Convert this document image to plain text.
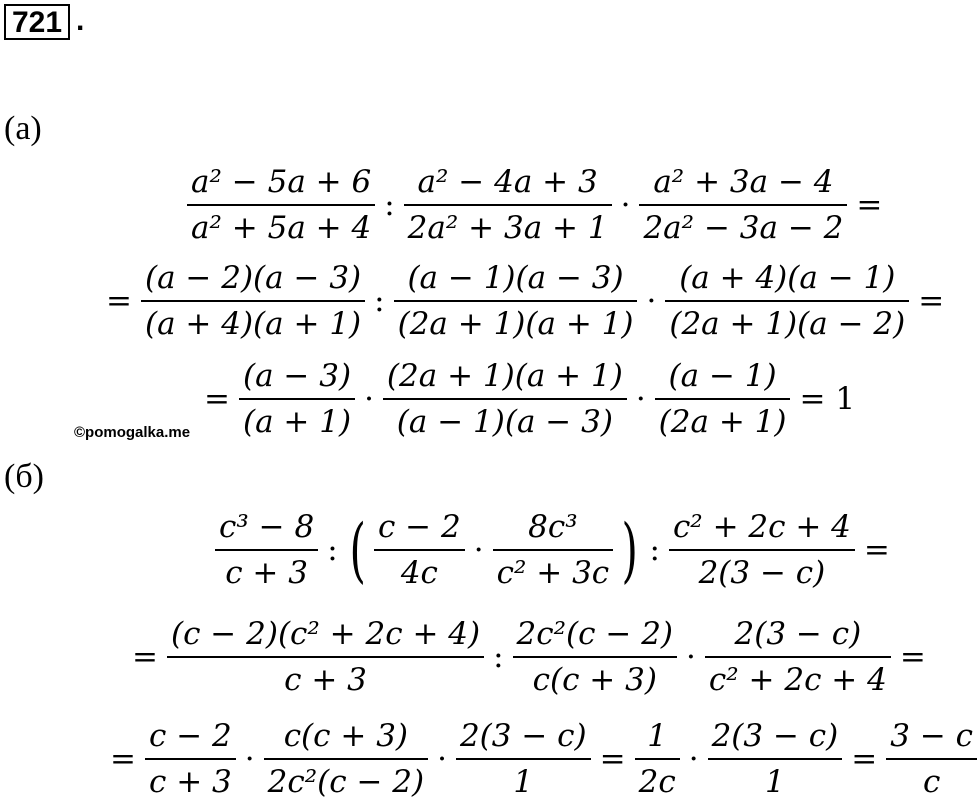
721 .
(а)
$\frac{\text{a² − 5a + 6}}{\text{a² + 5a + 4}}$ : $\frac{\text{a² − 4a + 3}}{\text{2a² + 3a + 1}} \cdot \frac{\text{a² + 3a − 4}}{\text{2a² − 3a − 2}}$ =
= $\frac{(a - 2)(a - 3)}{(a + 4)(a + 1)}$ : $\frac{(a - 1)(a - 3)}{(2a + 1)(a + 1)} \cdot \frac{(a + 4)(a - 1)}{(2a + 1)(a - 2)}$ =
= $\frac{(a - 3)}{(a + 1)} \cdot \frac{(2a + 1)(a + 1)}{(a - 1)(a - 3)} \cdot \frac{(a - 1)}{(2a + 1)} = 1$
©pomogalka.me
(б)
$\frac{\text{c³ − 8}}{c + 3}$ : ( $\frac{c - 2}{4c} \cdot \frac{\text{8c³}}{\text{c² + 3c}}$ ) : $\frac{\text{c² + 2c + 4}}{2(3 - c)}$ =
= $\frac{\text{(c − 2)(c² + 2c + 4)}}{c + 3}$ : $\frac{\text{2c²(c − 2)}}{c(c + 3)} \cdot \frac{2(3 - c)}{\text{c² + 2c + 4}}$ =
= $\frac{c - 2}{c + 3} \cdot \frac{c(c + 3)}{\text{2c²(c − 2)}} \cdot \frac{2(3 - c)}{1} = \frac{1}{2c} \cdot \frac{2(3 - c)}{1} = \frac{3 - c}{c}$
